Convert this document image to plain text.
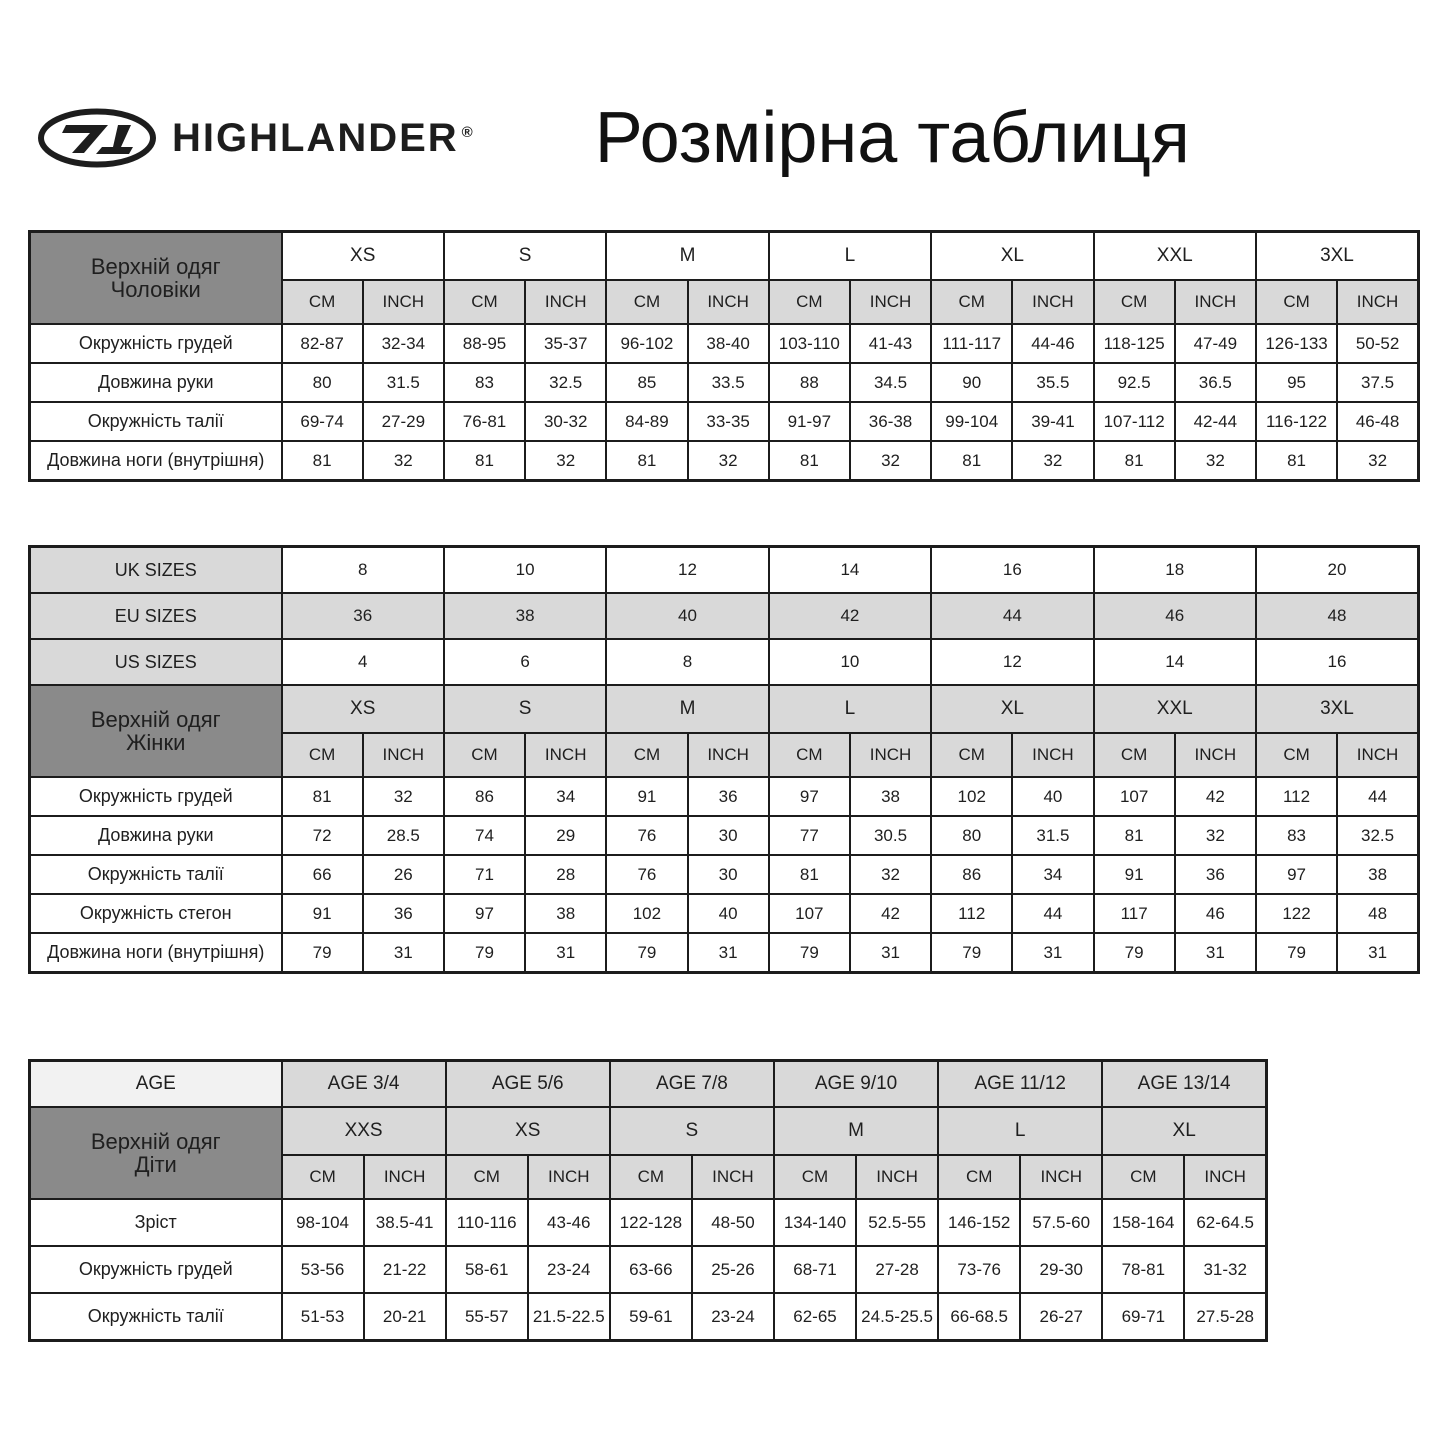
HIGHLANDER ®	Розмірна таблиця
Верхній одяг
Чоловіки	XS		S		M		L		XL		XXL		3XL	
	CM	INCH	CM	INCH	CM	INCH	CM	INCH	CM	INCH	CM	INCH	CM	INCH
Окружність грудей	82-87	32-34	88-95	35-37	96-102	38-40	103-110	41-43	111-117	44-46	118-125	47-49	126-133	50-52
Довжина руки	80	31.5	83	32.5	85	33.5	88	34.5	90	35.5	92.5	36.5	95	37.5
Окружність талії	69-74	27-29	76-81	30-32	84-89	33-35	91-97	36-38	99-104	39-41	107-112	42-44	116-122	46-48
Довжина ноги (внутрішня)	81	32	81	32	81	32	81	32	81	32	81	32	81	32
UK SIZES	8		10		12		14		16		18		20	
EU SIZES	36		38		40		42		44		46		48	
US SIZES	4		6		8		10		12		14		16	

Верхній одяг
Жінки	XS		S		M		L		XL		XXL		3XL	
	CM	INCH	CM	INCH	CM	INCH	CM	INCH	CM	INCH	CM	INCH	CM	INCH
Окружність грудей	81	32	86	34	91	36	97	38	102	40	107	42	112	44
Довжина руки	72	28.5	74	29	76	30	77	30.5	80	31.5	81	32	83	32.5
Окружність талії	66	26	71	28	76	30	81	32	86	34	91	36	97	38
Окружність стегон	91	36	97	38	102	40	107	42	112	44	117	46	122	48
Довжина ноги (внутрішня)	79	31	79	31	79	31	79	31	79	31	79	31	79	31
AGE	AGE 3/4		AGE 5/6		AGE 7/8		AGE 9/10		AGE 11/12		AGE 13/14	

Верхній одяг
Діти	XXS		XS		S		M		L		XL	
	CM	INCH	CM	INCH	CM	INCH	CM	INCH	CM	INCH	CM	INCH
Зріст	98-104	38.5-41	110-116	43-46	122-128	48-50	134-140	52.5-55	146-152	57.5-60	158-164	62-64.5
Окружність грудей	53-56	21-22	58-61	23-24	63-66	25-26	68-71	27-28	73-76	29-30	78-81	31-32
Окружність талії	51-53	20-21	55-57	21.5-22.5	59-61	23-24	62-65	24.5-25.5	66-68.5	26-27	69-71	27.5-28
